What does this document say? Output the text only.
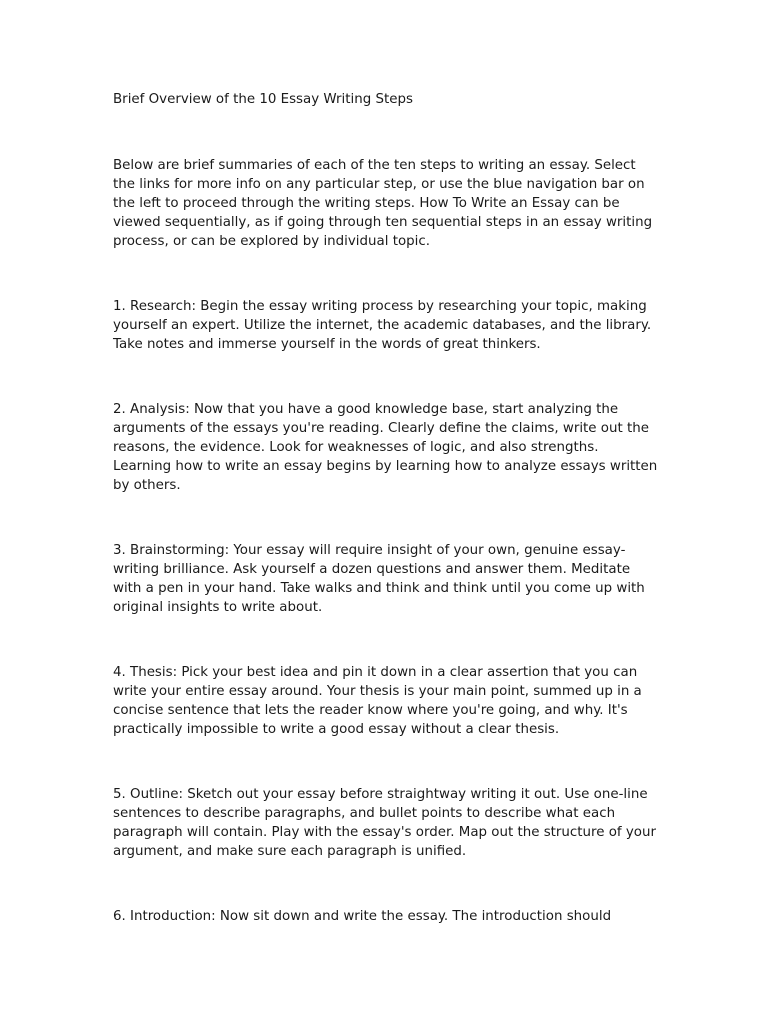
Brief Overview of the 10 Essay Writing Steps

Below are brief summaries of each of the ten steps to writing an essay. Select the links for more info on any particular step, or use the blue navigation bar on the left to proceed through the writing steps. How To Write an Essay can be viewed sequentially, as if going through ten sequential steps in an essay writing process, or can be explored by individual topic.

1. Research: Begin the essay writing process by researching your topic, making yourself an expert. Utilize the internet, the academic databases, and the library. Take notes and immerse yourself in the words of great thinkers.
2. Analysis: Now that you have a good knowledge base, start analyzing the arguments of the essays you're reading. Clearly define the claims, write out the reasons, the evidence. Look for weaknesses of logic, and also strengths. Learning how to write an essay begins by learning how to analyze essays written by others.
3. Brainstorming: Your essay will require insight of your own, genuine essay-writing brilliance. Ask yourself a dozen questions and answer them. Meditate with a pen in your hand. Take walks and think and think until you come up with original insights to write about.
4. Thesis: Pick your best idea and pin it down in a clear assertion that you can write your entire essay around. Your thesis is your main point, summed up in a concise sentence that lets the reader know where you're going, and why. It's practically impossible to write a good essay without a clear thesis.
5. Outline: Sketch out your essay before straightway writing it out. Use one-line sentences to describe paragraphs, and bullet points to describe what each paragraph will contain. Play with the essay's order. Map out the structure of your argument, and make sure each paragraph is unified.
6. Introduction: Now sit down and write the essay. The introduction should
